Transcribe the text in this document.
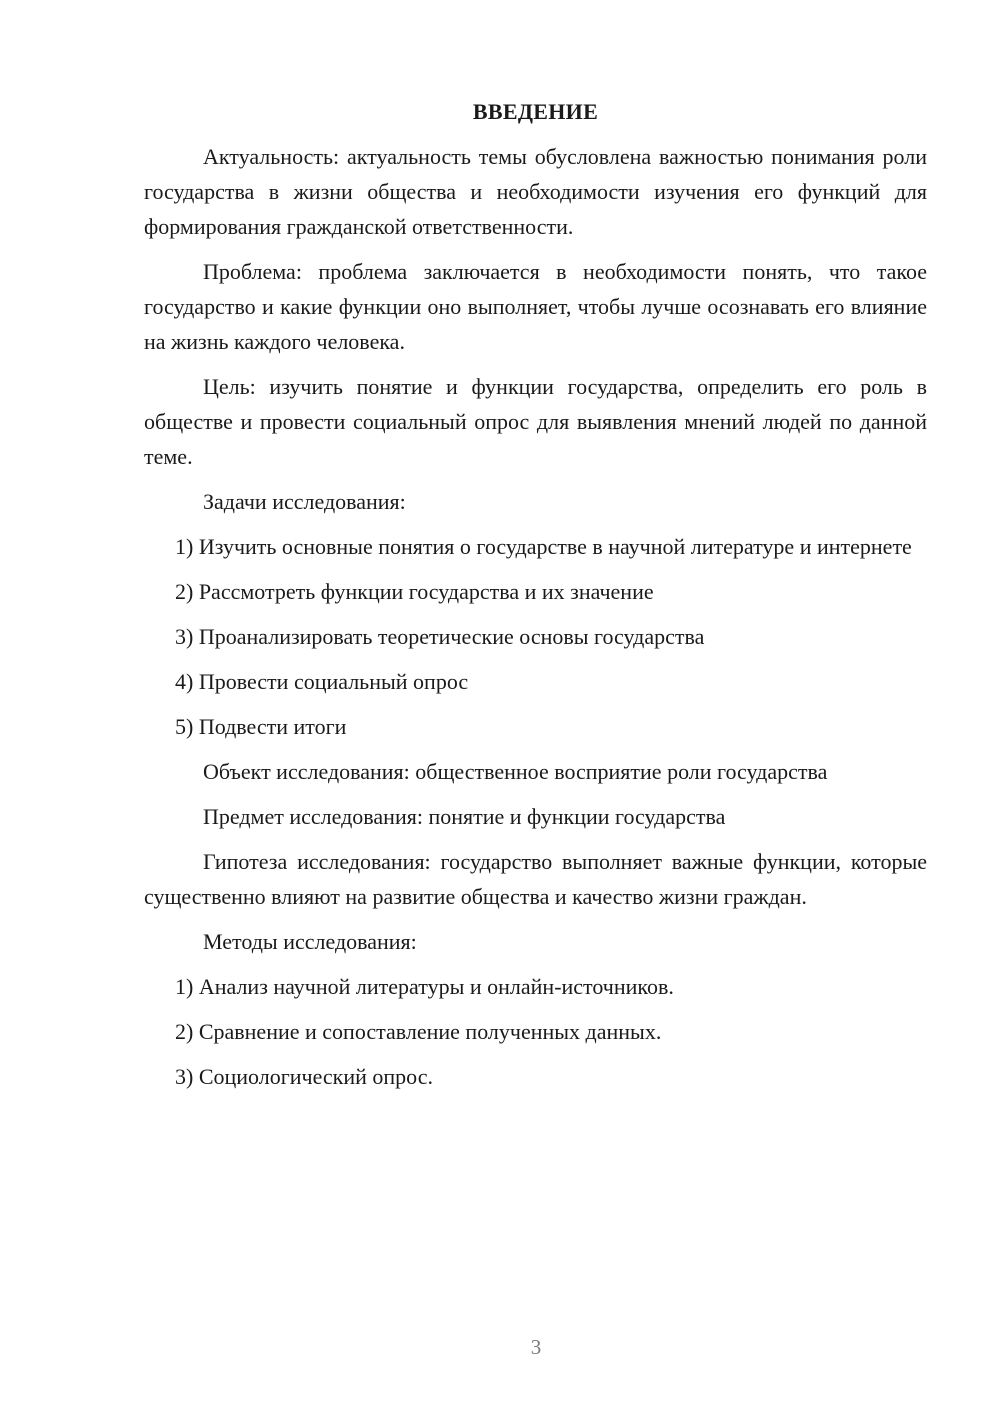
ВВЕДЕНИЕ

Актуальность: актуальность темы обусловлена важностью понимания роли государства в жизни общества и необходимости изучения его функций для формирования гражданской ответственности.

Проблема: проблема заключается в необходимости понять, что такое государство и какие функции оно выполняет, чтобы лучше осознавать его влияние на жизнь каждого человека.

Цель: изучить понятие и функции государства, определить его роль в обществе и провести социальный опрос для выявления мнений людей по данной теме.

Задачи исследования:

1) Изучить основные понятия о государстве в научной литературе и интернете

2) Рассмотреть функции государства и их значение

3) Проанализировать теоретические основы государства

4) Провести социальный опрос

5) Подвести итоги

Объект исследования: общественное восприятие роли государства

Предмет исследования: понятие и функции государства

Гипотеза исследования: государство выполняет важные функции, которые существенно влияют на развитие общества и качество жизни граждан.

Методы исследования:

1) Анализ научной литературы и онлайн-источников.

2) Сравнение и сопоставление полученных данных.

3) Социологический опрос.

3
